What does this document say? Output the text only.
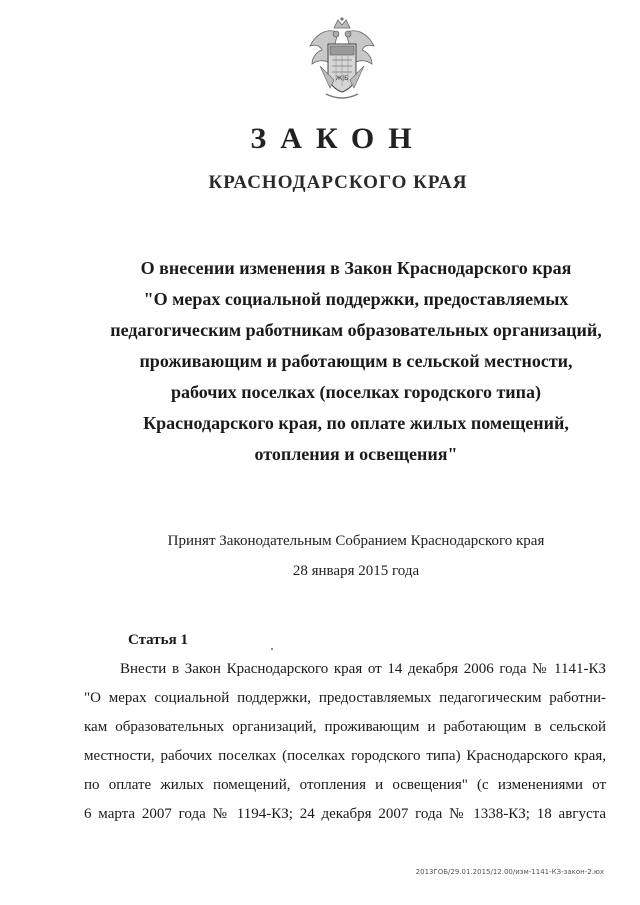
Ж|Б
ЗАКОН
КРАСНОДАРСКОГО КРАЯ
О внесении изменения в Закон Краснодарского края
"О мерах социальной поддержки, предоставляемых
педагогическим работникам образовательных организаций,
проживающим и работающим в сельской местности,
рабочих поселках (поселках городского типа)
Краснодарского края, по оплате жилых помещений,
отопления и освещения"
Принят Законодательным Собранием Краснодарского края
28 января 2015 года
Статья 1
Внести в Закон Краснодарского края от 14 декабря 2006 года № 1141-КЗ
"О мерах социальной поддержки, предоставляемых педагогическим работни-
кам образовательных организаций, проживающим и работающим в сельской
местности, рабочих поселках (поселках городского типа) Краснодарского края,
по оплате жилых помещений, отопления и освещения" (с изменениями от
6 марта 2007 года № 1194-КЗ; 24 декабря 2007 года № 1338-КЗ; 18 августа
2013ГОБ/29.01.2015/12.00/изм-1141-КЗ-закон-2.юх
